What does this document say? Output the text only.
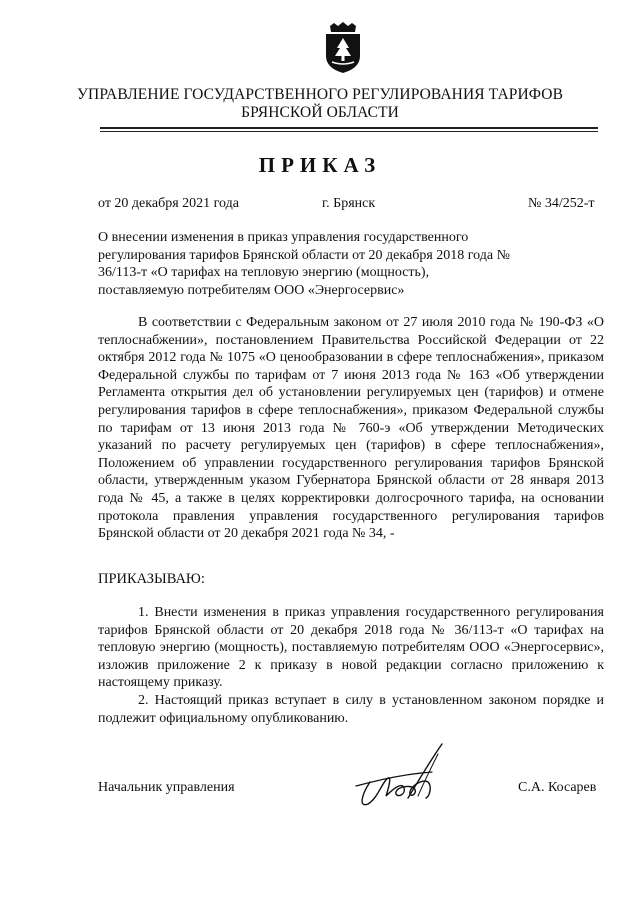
УПРАВЛЕНИЕ ГОСУДАРСТВЕННОГО РЕГУЛИРОВАНИЯ ТАРИФОВ
БРЯНСКОЙ ОБЛАСТИ
ПРИКАЗ
от 20 декабря 2021 года	г. Брянск	№ 34/252-т
О внесении изменения в приказ управления государственного регулирования тарифов Брянской области от 20 декабря 2018 года № 36/113-т «О тарифах на тепловую энергию (мощность), поставляемую потребителям ООО «Энергосервис»
В соответствии с Федеральным законом от 27 июля 2010 года № 190-ФЗ «О теплоснабжении», постановлением Правительства Российской Федерации от 22 октября 2012 года № 1075 «О ценообразовании в сфере теплоснабжения», приказом Федеральной службы по тарифам от 7 июня 2013 года № 163 «Об утверждении Регламента открытия дел об установлении регулируемых цен (тарифов) и отмене регулирования тарифов в сфере теплоснабжения», приказом Федеральной службы по тарифам от 13 июня 2013 года № 760-э «Об утверждении Методических указаний по расчету регулируемых цен (тарифов) в сфере теплоснабжения», Положением об управлении государственного регулирования тарифов Брянской области, утвержденным указом Губернатора Брянской области от 28 января 2013 года № 45, а также в целях корректировки долгосрочного тарифа, на основании протокола правления управления государственного регулирования тарифов Брянской области от 20 декабря 2021 года № 34, -
ПРИКАЗЫВАЮ:
1. Внести изменения в приказ управления государственного регулирования тарифов Брянской области от 20 декабря 2018 года № 36/113-т «О тарифах на тепловую энергию (мощность), поставляемую потребителям ООО «Энергосервис», изложив приложение 2 к приказу в новой редакции согласно приложению к настоящему приказу.
2. Настоящий приказ вступает в силу в установленном законом порядке и подлежит официальному опубликованию.
Начальник управления	С.А. Косарев
